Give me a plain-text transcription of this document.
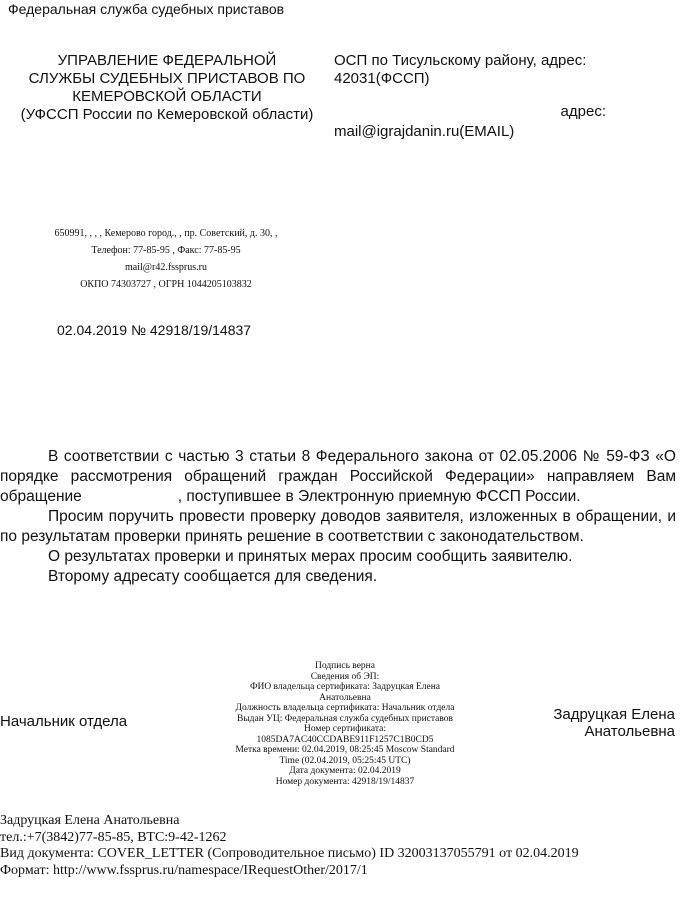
Федеральная служба судебных приставов
УПРАВЛЕНИЕ ФЕДЕРАЛЬНОЙ
СЛУЖБЫ СУДЕБНЫХ ПРИСТАВОВ ПО
КЕМЕРОВСКОЙ ОБЛАСТИ
(УФССП России по Кемеровской области)
ОСП по Тисульскому району, адрес:
42031(ФССП)
адрес:
mail@igrajdanin.ru(EMAIL)
650991, , , , Кемерово город., , пр. Советский, д. 30, ,
Телефон: 77-85-95 , Факс: 77-85-95
mail@r42.fssprus.ru
ОКПО 74303727 , ОГРН 1044205103832
02.04.2019 № 42918/19/14837

В соответствии с частью 3 статьи 8 Федерального закона от 02.05.2006 № 59-ФЗ «О порядке рассмотрения обращений граждан Российской Федерации» направляем Вам обращение	, поступившее в Электронную приемную ФССП России.

Просим поручить провести проверку доводов заявителя, изложенных в обращении, и по результатам проверки принять решение в соответствии с законодательством.

О результатах проверки и принятых мерах просим сообщить заявителю.

Второму адресату сообщается для сведения.

Подпись верна
Сведения об ЭП:
ФИО владельца сертификата: Задруцкая Елена
Анатольевна
Должность владельца сертификата: Начальник отдела
Выдан УЦ: Федеральная служба судебных приставов
Номер сертификата:
1085DA7AC40CCDABE911F1257C1B0CD5
Метка времени: 02.04.2019, 08:25:45 Moscow Standard
Time (02.04.2019, 05:25:45 UTC)
Дата документа: 02.04.2019
Номер документа: 42918/19/14837
Начальник отдела	Задруцкая Елена
Анатольевна
Задруцкая Елена Анатольевна
тел.:+7(3842)77-85-85, ВТС:9-42-1262
Вид документа: COVER_LETTER (Сопроводительное письмо) ID 32003137055791 от 02.04.2019
Формат: http://www.fssprus.ru/namespace/IRequestOther/2017/1
